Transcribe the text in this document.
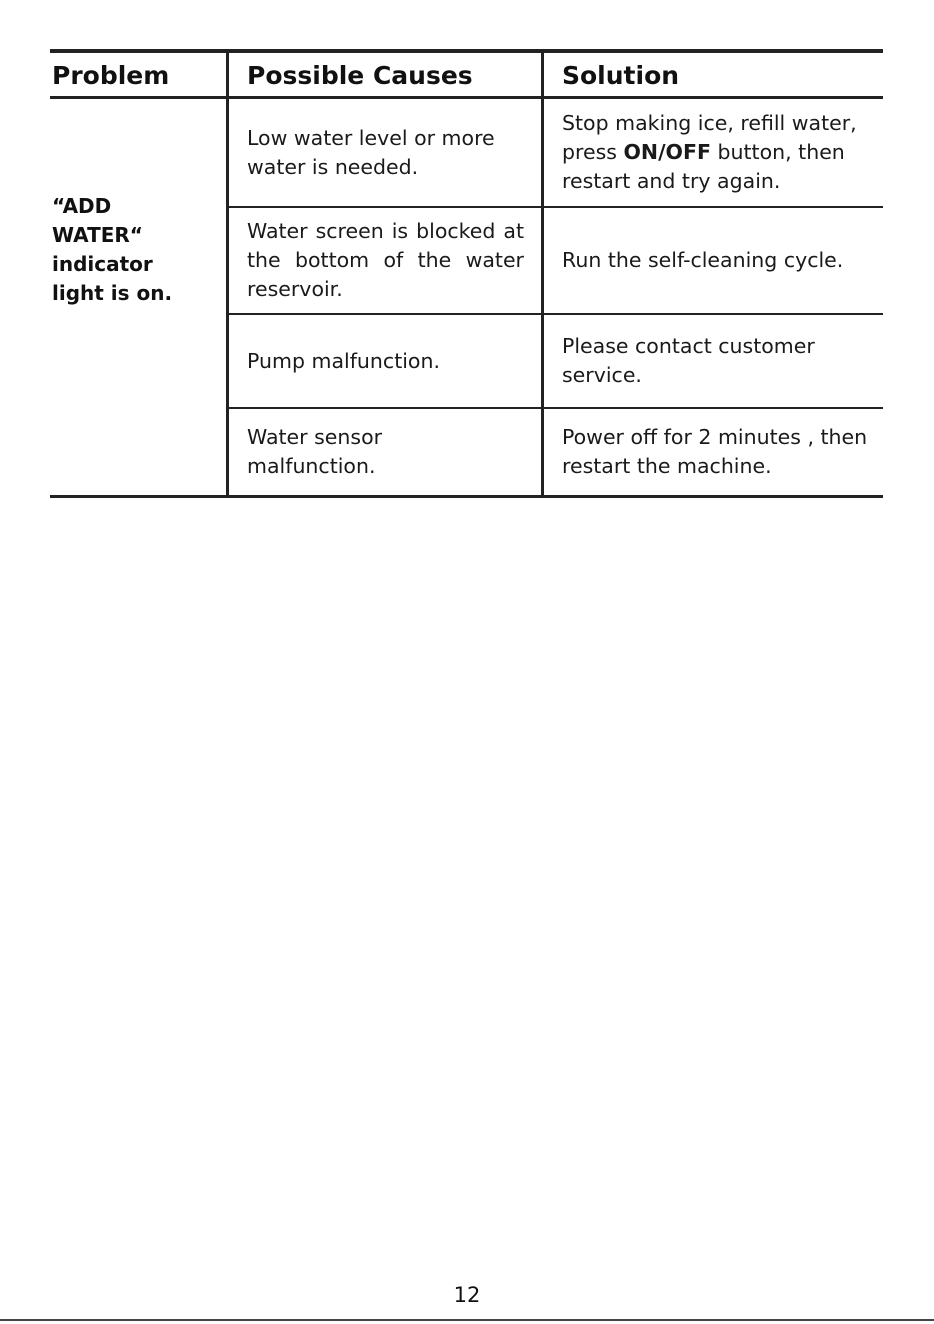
Problem	Possible Causes	Solution
“ADD
WATER“
indicator
light is on.
Low water level or more water is needed.
Stop making ice, refill water, press ON/OFF button, then restart and try again.
Water screen is blocked at the bottom of the water reservoir.
Run the self-cleaning cycle.
Pump malfunction.
Please contact customer service.
Water sensor malfunction.
Power off for 2 minutes , then restart the machine.
12
